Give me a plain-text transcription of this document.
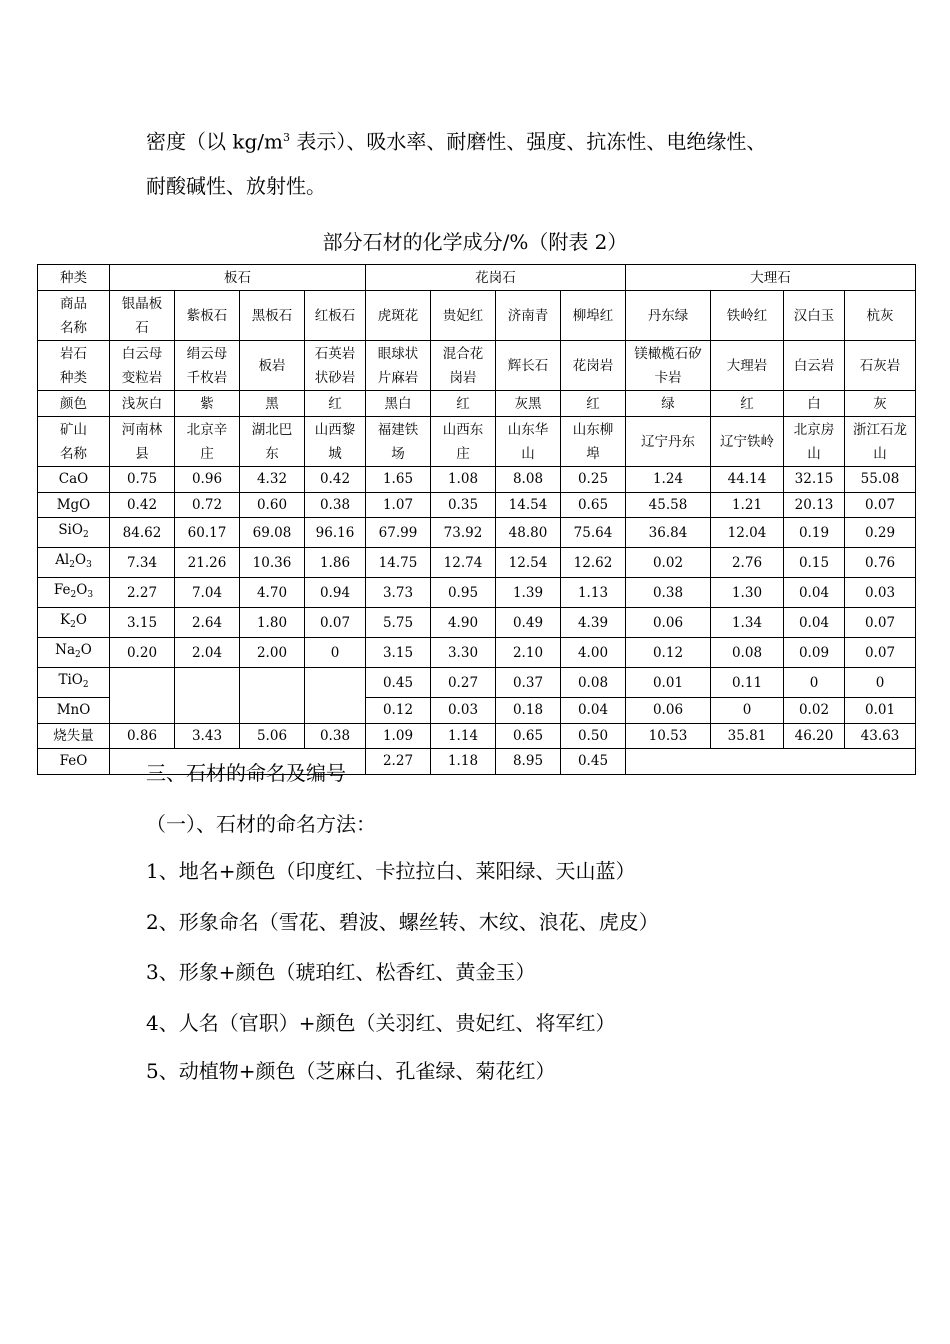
密度（以 $kg/m^3$ 表示）、吸水率、耐磨性、强度、抗冻性、电绝缘性、
耐酸碱性、放射性。
部分石材的化学成分/%（附表 2）
种类	板石				花岗石				大理石			
商品名称	银晶板石	紫板石	黑板石	红板石	虎斑花	贵妃红	济南青	柳埠红	丹东绿	铁岭红	汉白玉	杭灰
岩石种类	白云母变粒岩	绢云母千枚岩	板岩	石英岩状砂岩	眼球状片麻岩	混合花岗岩	辉长石	花岗岩	镁橄榄石矽卡岩	大理岩	白云岩	石灰岩
颜色	浅灰白	紫	黑	红	黑白	红	灰黑	红	绿	红	白	灰
矿山名称	河南林县	北京辛庄	湖北巴东	山西黎城	福建铁场	山西东庄	山东华山	山东柳埠	辽宁丹东	辽宁铁岭	北京房山	浙江石龙山
CaO	0.75	0.96	4.32	0.42	1.65	1.08	8.08	0.25	1.24	44.14	32.15	55.08
MgO	0.42	0.72	0.60	0.38	1.07	0.35	14.54	0.65	45.58	1.21	20.13	0.07
SiO$_2$	84.62	60.17	69.08	96.16	67.99	73.92	48.80	75.64	36.84	12.04	0.19	0.29
$Al_2O_3$	7.34	21.26	10.36	1.86	14.75	12.74	12.54	12.62	0.02	2.76	0.15	0.76
$Fe_2O_3$	2.27	7.04	4.70	0.94	3.73	0.95	1.39	1.13	0.38	1.30	0.04	0.03
$K_2O$	3.15	2.64	1.80	0.07	5.75	4.90	0.49	4.39	0.06	1.34	0.04	0.07
$Na_2O$	0.20	2.04	2.00	0	3.15	3.30	2.10	4.00	0.12	0.08	0.09	0.07
TiO$_2$					0.45	0.27	0.37	0.08	0.01	0.11	0	0
MnO					0.12	0.03	0.18	0.04	0.06	0	0.02	0.01
烧失量	0.86	3.43	5.06	0.38	1.09	1.14	0.65	0.50	10.53	35.81	46.20	43.63
FeO					2.27	1.18	8.95	0.45				
三、石材的命名及编号
（一）、石材的命名方法：
1、地名+颜色（印度红、卡拉拉白、莱阳绿、天山蓝）
2、形象命名（雪花、碧波、螺丝转、木纹、浪花、虎皮）
3、形象+颜色（琥珀红、松香红、黄金玉）
4、人名（官职）+颜色（关羽红、贵妃红、将军红）
5、动植物+颜色（芝麻白、孔雀绿、菊花红）
